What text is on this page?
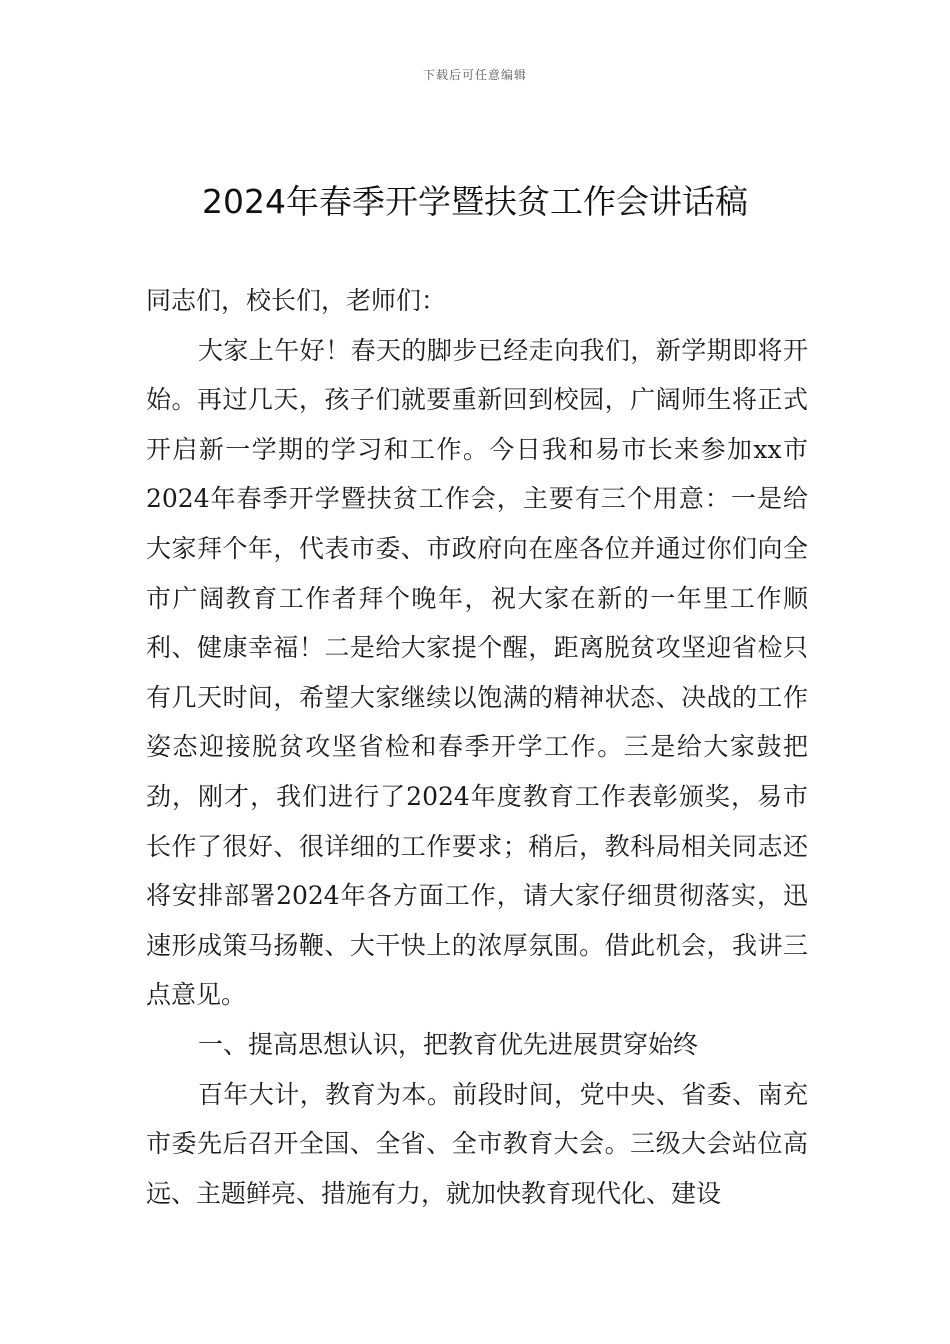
下载后可任意编辑
2024年春季开学暨扶贫工作会讲话稿

同志们，校长们，老师们：

大家上午好！春天的脚步已经走向我们，新学期即将开始。再过几天，孩子们就要重新回到校园，广阔师生将正式开启新一学期的学习和工作。今日我和易市长来参加xx市2024年春季开学暨扶贫工作会，主要有三个用意：一是给大家拜个年，代表市委、市政府向在座各位并通过你们向全市广阔教育工作者拜个晚年，祝大家在新的一年里工作顺利、健康幸福！二是给大家提个醒，距离脱贫攻坚迎省检只有几天时间，希望大家继续以饱满的精神状态、决战的工作姿态迎接脱贫攻坚省检和春季开学工作。三是给大家鼓把劲，刚才，我们进行了2024年度教育工作表彰颁奖，易市长作了很好、很详细的工作要求；稍后，教科局相关同志还将安排部署2024年各方面工作，请大家仔细贯彻落实，迅速形成策马扬鞭、大干快上的浓厚氛围。借此机会，我讲三点意见。

一、提高思想认识，把教育优先进展贯穿始终

百年大计，教育为本。前段时间，党中央、省委、南充市委先后召开全国、全省、全市教育大会。三级大会站位高远、主题鲜亮、措施有力，就加快教育现代化、建设
